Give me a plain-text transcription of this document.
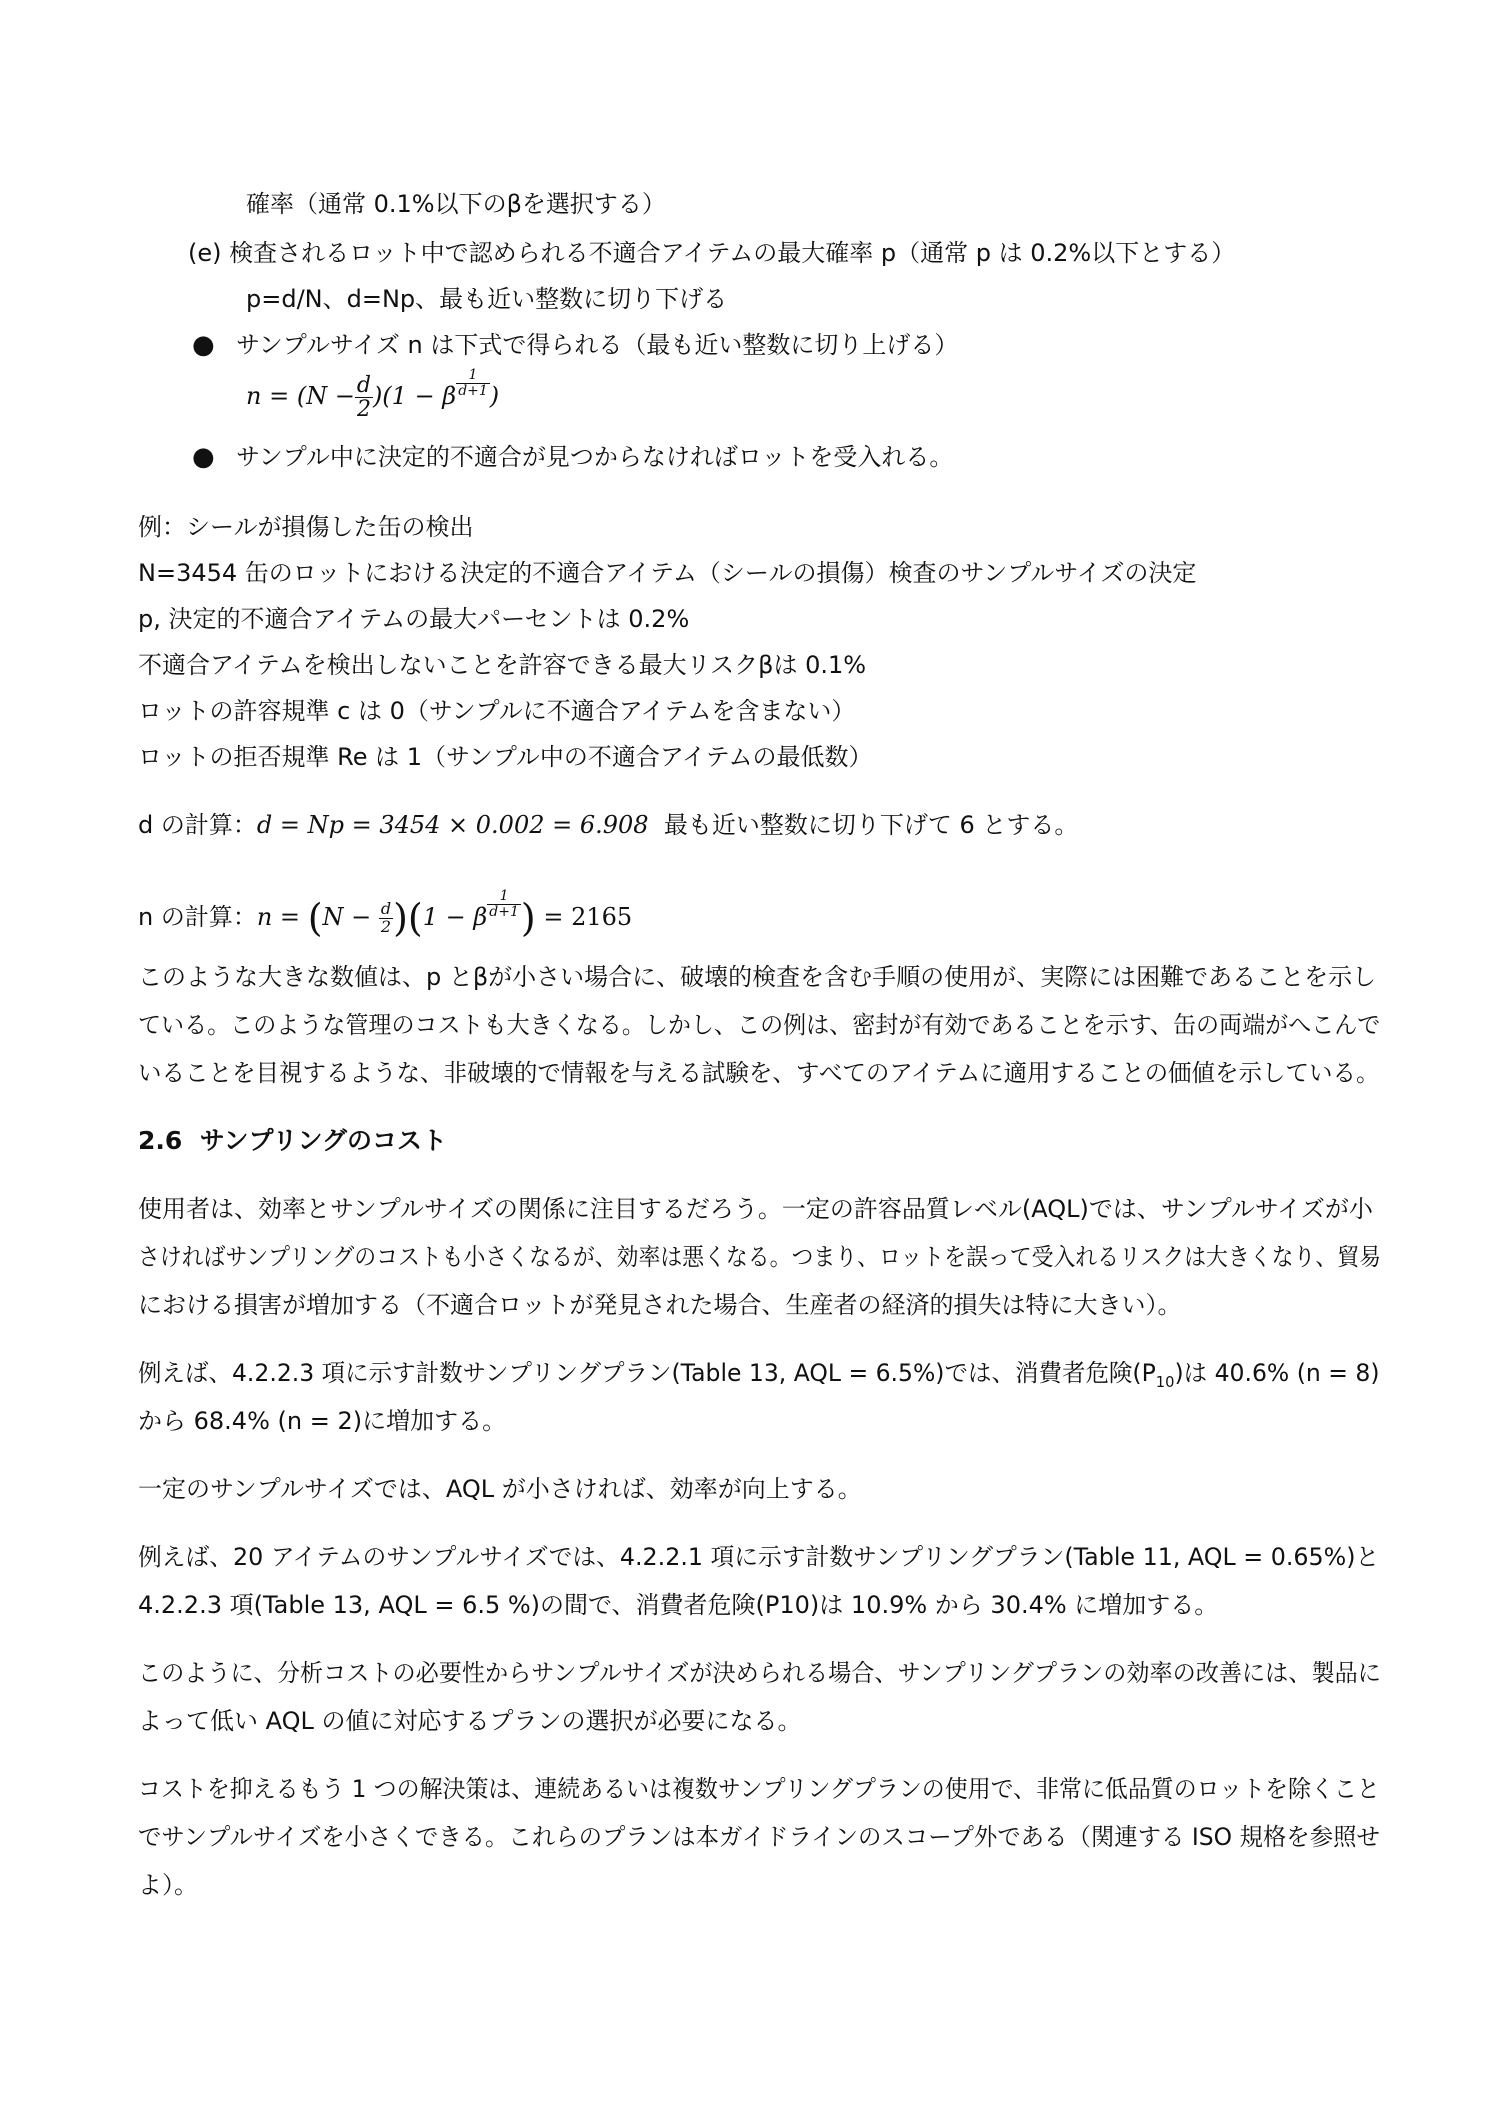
確率（通常 0.1%以下のβを選択する）
(e) 検査されるロット中で認められる不適合アイテムの最大確率 p（通常 p は 0.2%以下とする）
p=d/N、d=Np、最も近い整数に切り下げる
● サンプルサイズ n は下式で得られる（最も近い整数に切り上げる）
$n = (N - \frac{d}{2} )(1 - \beta \frac{1}{d+1}$ )
● サンプル中に決定的不適合が見つからなければロットを受入れる。
例：シールが損傷した缶の検出
N=3454 缶のロットにおける決定的不適合アイテム（シールの損傷）検査のサンプルサイズの決定
p, 決定的不適合アイテムの最大パーセントは 0.2%
不適合アイテムを検出しないことを許容できる最大リスクβは 0.1%
ロットの許容規準 c は 0（サンプルに不適合アイテムを含まない）
ロットの拒否規準 Re は 1（サンプル中の不適合アイテムの最低数）
d の計算：d = Np = 3454 × 0.002 = 6.908 最も近い整数に切り下げて 6 とする。
n の計算：$n = (N - \frac{d}{2} )(1 - \beta \frac{1}{d+1}$ ) = 2165
このような大きな数値は、p とβが小さい場合に、破壊的検査を含む手順の使用が、実際には困難であることを示し
ている。このような管理のコストも大きくなる。しかし、この例は、密封が有効であることを示す、缶の両端がへこんで
いることを目視するような、非破壊的で情報を与える試験を、すべてのアイテムに適用することの価値を示している。
2.6 サンプリングのコスト
使用者は、効率とサンプルサイズの関係に注目するだろう。一定の許容品質レベル(AQL)では、サンプルサイズが小
さければサンプリングのコストも小さくなるが、効率は悪くなる。つまり、ロットを誤って受入れるリスクは大きくなり、貿易
における損害が増加する（不適合ロットが発見された場合、生産者の経済的損失は特に大きい）。
例えば、4.2.2.3 項に示す計数サンプリングプラン(Table 13, AQL = 6.5%)では、消費者危険$(P_{10})$は 40.6% (n = 8)
から 68.4% (n = 2)に増加する。
一定のサンプルサイズでは、AQL が小さければ、効率が向上する。
例えば、20 アイテムのサンプルサイズでは、4.2.2.1 項に示す計数サンプリングプラン(Table 11, AQL = 0.65%)と
4.2.2.3 項(Table 13, AQL = 6.5 %)の間で、消費者危険(P10)は 10.9% から 30.4% に増加する。
このように、分析コストの必要性からサンプルサイズが決められる場合、サンプリングプランの効率の改善には、製品に
よって低い AQL の値に対応するプランの選択が必要になる。
コストを抑えるもう 1 つの解決策は、連続あるいは複数サンプリングプランの使用で、非常に低品質のロットを除くこと
でサンプルサイズを小さくできる。これらのプランは本ガイドラインのスコープ外である（関連する ISO 規格を参照せ
よ）。
